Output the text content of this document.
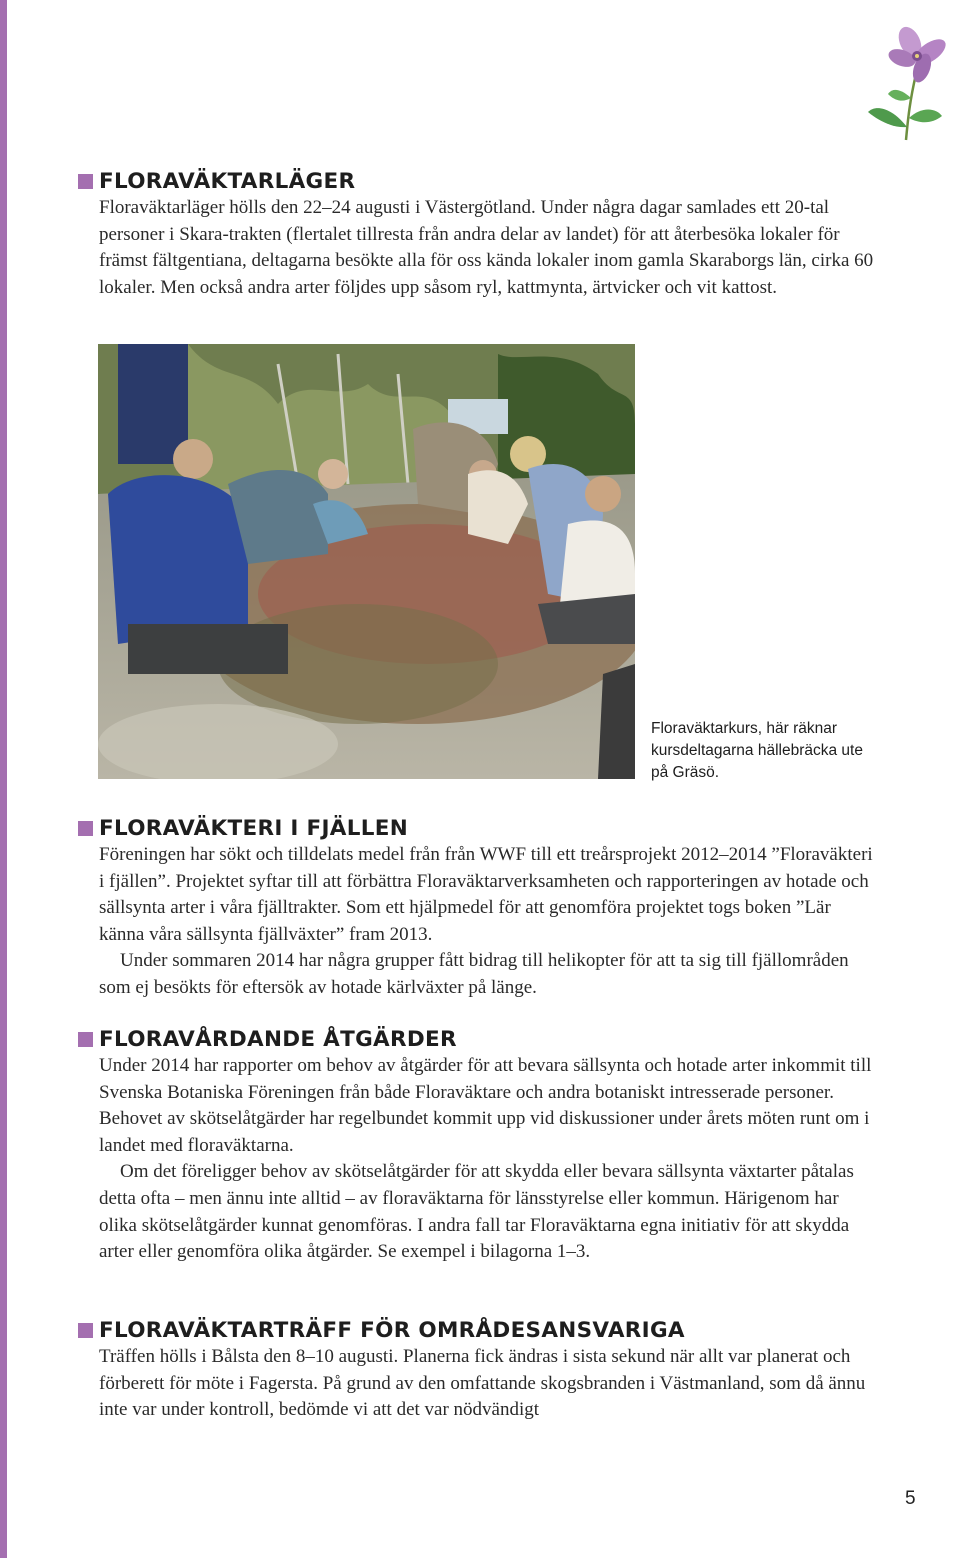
FLORAVÄKTARLÄGER

Floraväktarläger hölls den 22–24 augusti i Västergötland. Under några dagar samlades ett 20-tal personer i Skara-trakten (flertalet tillresta från andra delar av landet) för att återbesöka lokaler för främst fältgentiana, deltagarna besökte alla för oss kända lokaler inom gamla Skaraborgs län, cirka 60 lokaler. Men också andra arter följdes upp såsom ryl, kattmynta, ärtvicker och vit kattost.

Floraväktarkurs, här räknar kursdeltagarna hällebräcka ute på Gräsö.
FLORAVÄKTERI I FJÄLLEN

Föreningen har sökt och tilldelats medel från från WWF till ett treårsprojekt 2012–2014 ”Floraväkteri i fjällen”. Projektet syftar till att förbättra Floraväktarverksamheten och rapporteringen av hotade och sällsynta arter i våra fjälltrakter. Som ett hjälpmedel för att genomföra projektet togs boken ”Lär känna våra sällsynta fjällväxter” fram 2013.

Under sommaren 2014 har några grupper fått bidrag till helikopter för att ta sig till fjällområden som ej besökts för eftersök av hotade kärlväxter på länge.

FLORAVÅRDANDE ÅTGÄRDER

Under 2014 har rapporter om behov av åtgärder för att bevara sällsynta och hotade arter inkommit till Svenska Botaniska Föreningen från både Floraväktare och andra botaniskt intresserade personer. Behovet av skötselåtgärder har regelbundet kommit upp vid diskussioner under årets möten runt om i landet med floraväktarna.

Om det föreligger behov av skötselåtgärder för att skydda eller bevara sällsynta växtarter påtalas detta ofta – men ännu inte alltid – av floraväktarna för länsstyrelse eller kommun. Härigenom har olika skötselåtgärder kunnat genomföras. I andra fall tar Floraväktarna egna initiativ för att skydda arter eller genomföra olika åtgärder. Se exempel i bilagorna 1–3.

FLORAVÄKTARTRÄFF FÖR OMRÅDESANSVARIGA

Träffen hölls i Bålsta den 8–10 augusti. Planerna fick ändras i sista sekund när allt var planerat och förberett för möte i Fagersta. På grund av den omfattande skogsbranden i Västmanland, som då ännu inte var under kontroll, bedömde vi att det var nödvändigt

5
